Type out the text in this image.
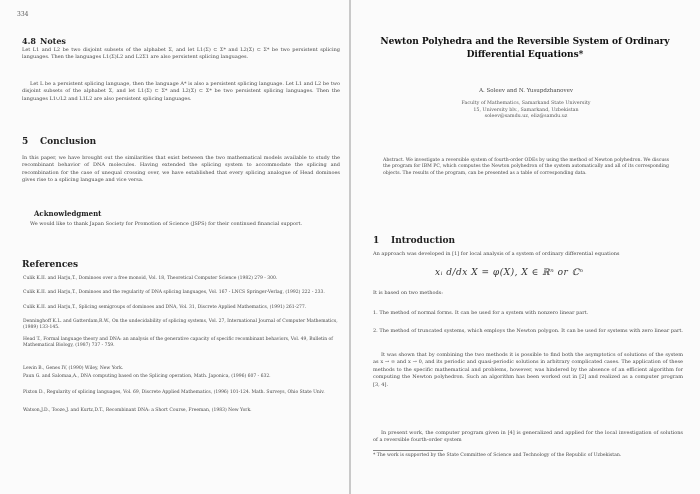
334
4.8 Notes
Let L1 and L2 be two disjoint subsets of the alphabet Σ, and let L1(Σ) ⊂ Σ* and L2(Σ) ⊂ Σ* be two persistent splicing languages. Then the languages L1(Σ)L2 and L2Σ1 are also persistent splicing languages.
Let L be a persistent splicing language, then the language A* is also a persistent splicing language. Let L1 and L2 be two disjoint subsets of the alphabet Σ, and let L1(Σ) ⊂ Σ* and L2(Σ) ⊂ Σ* be two persistent splicing languages. Then the languages L1∪L2 and L1L2 are also persistent splicing languages.
5 Conclusion
In this paper, we have brought out the similarities that exist between the two mathematical models available to study the recombinant behavior of DNA molecules. Having extended the splicing system to accommodate the splicing and recombination for the case of unequal crossing over, we have established that every splicing analogue of Head dominoes gives rise to a splicing language and vice versa.
Acknowledgment
We would like to thank Japan Society for Promotion of Science (JSPS) for their continued financial support.
References
Culik K.II. and Harju,T., Dominoes over a free monoid, Vol. 18, Theoretical Computer Science (1982) 279 - 300.
Culik K.II. and Harju,T., Dominoes and the regularity of DNA splicing languages, Vol. 167 - LNCS Springer-Verlag, (1992) 222 - 233.
Culik K.II. and Harju,T., Splicing semigroups of dominoes and DNA, Vol. 31, Discrete Applied Mathematics, (1991) 261-277.
Denninghoff K.L. and Gatterdam,R.W., On the undecidability of splicing systems, Vol. 27, International Journal of Computer Mathematics, (1989) 133-145.
Head T., Formal language theory and DNA: an analysis of the generative capacity of specific recombinant behaviors, Vol. 49, Bulletin of Mathematical Biology, (1987) 737 - 759.
Lewin B., Genes IV, (1990) Wiley, New York.
Paun G. and Salomaa,A., DNA computing based on the Splicing operation, Math. Japonica, (1996) 607 - 632.
Pixton D., Regularity of splicing languages, Vol. 69, Discrete Applied Mathematics, (1996) 101-124. Math. Surveys, Ohio State Univ.
Watson,J.D., Tooze,J. and Kurtz,D.T., Recombinant DNA: a Short Course, Freeman, (1983) New York.
Newton Polyhedra and the Reversible System of Ordinary Differential Equations*
A. Soleev and N. Yusupdzhanovev
Faculty of Mathematics, Samarkand State University
15, University blv., Samarkand, Uzbekistan
soleev@samdu.uz, eliz@samdu.uz
Abstract. We investigate a reversible system of fourth-order ODEs by using the method of Newton polyhedron. We discuss the program for IBM PC, which computes the Newton polyhedron of the system automatically and all of its corresponding objects. The results of the program, can be presented as a table of corresponding data.
1 Introduction
An approach was developed in [1] for local analysis of a system of ordinary differential equations
xᵢ d/dx X = φ(X), X ∈ ℝⁿ or ℂⁿ
It is based on two methods:
1. The method of normal forms. It can be used for a system with nonzero linear part.
2. The method of truncated systems, which employs the Newton polygon. It can be used for systems with zero linear part.
It was shown that by combining the two methods it is possible to find both the asymptotics of solutions of the system as x → ∞ and x → 0, and its periodic and quasi-periodic solutions in arbitrary complicated cases. The application of these methods to the specific mathematical and problems, however, was hindered by the absence of an efficient algorithm for computing the Newton polyhedron. Such an algorithm has been worked out in [2] and realized as a computer program [3, 4].
In present work, the computer program given in [4] is generalized and applied for the local investigation of solutions of a reversible fourth-order system
* The work is supported by the State Committee of Science and Technology of the Republic of Uzbekistan.
